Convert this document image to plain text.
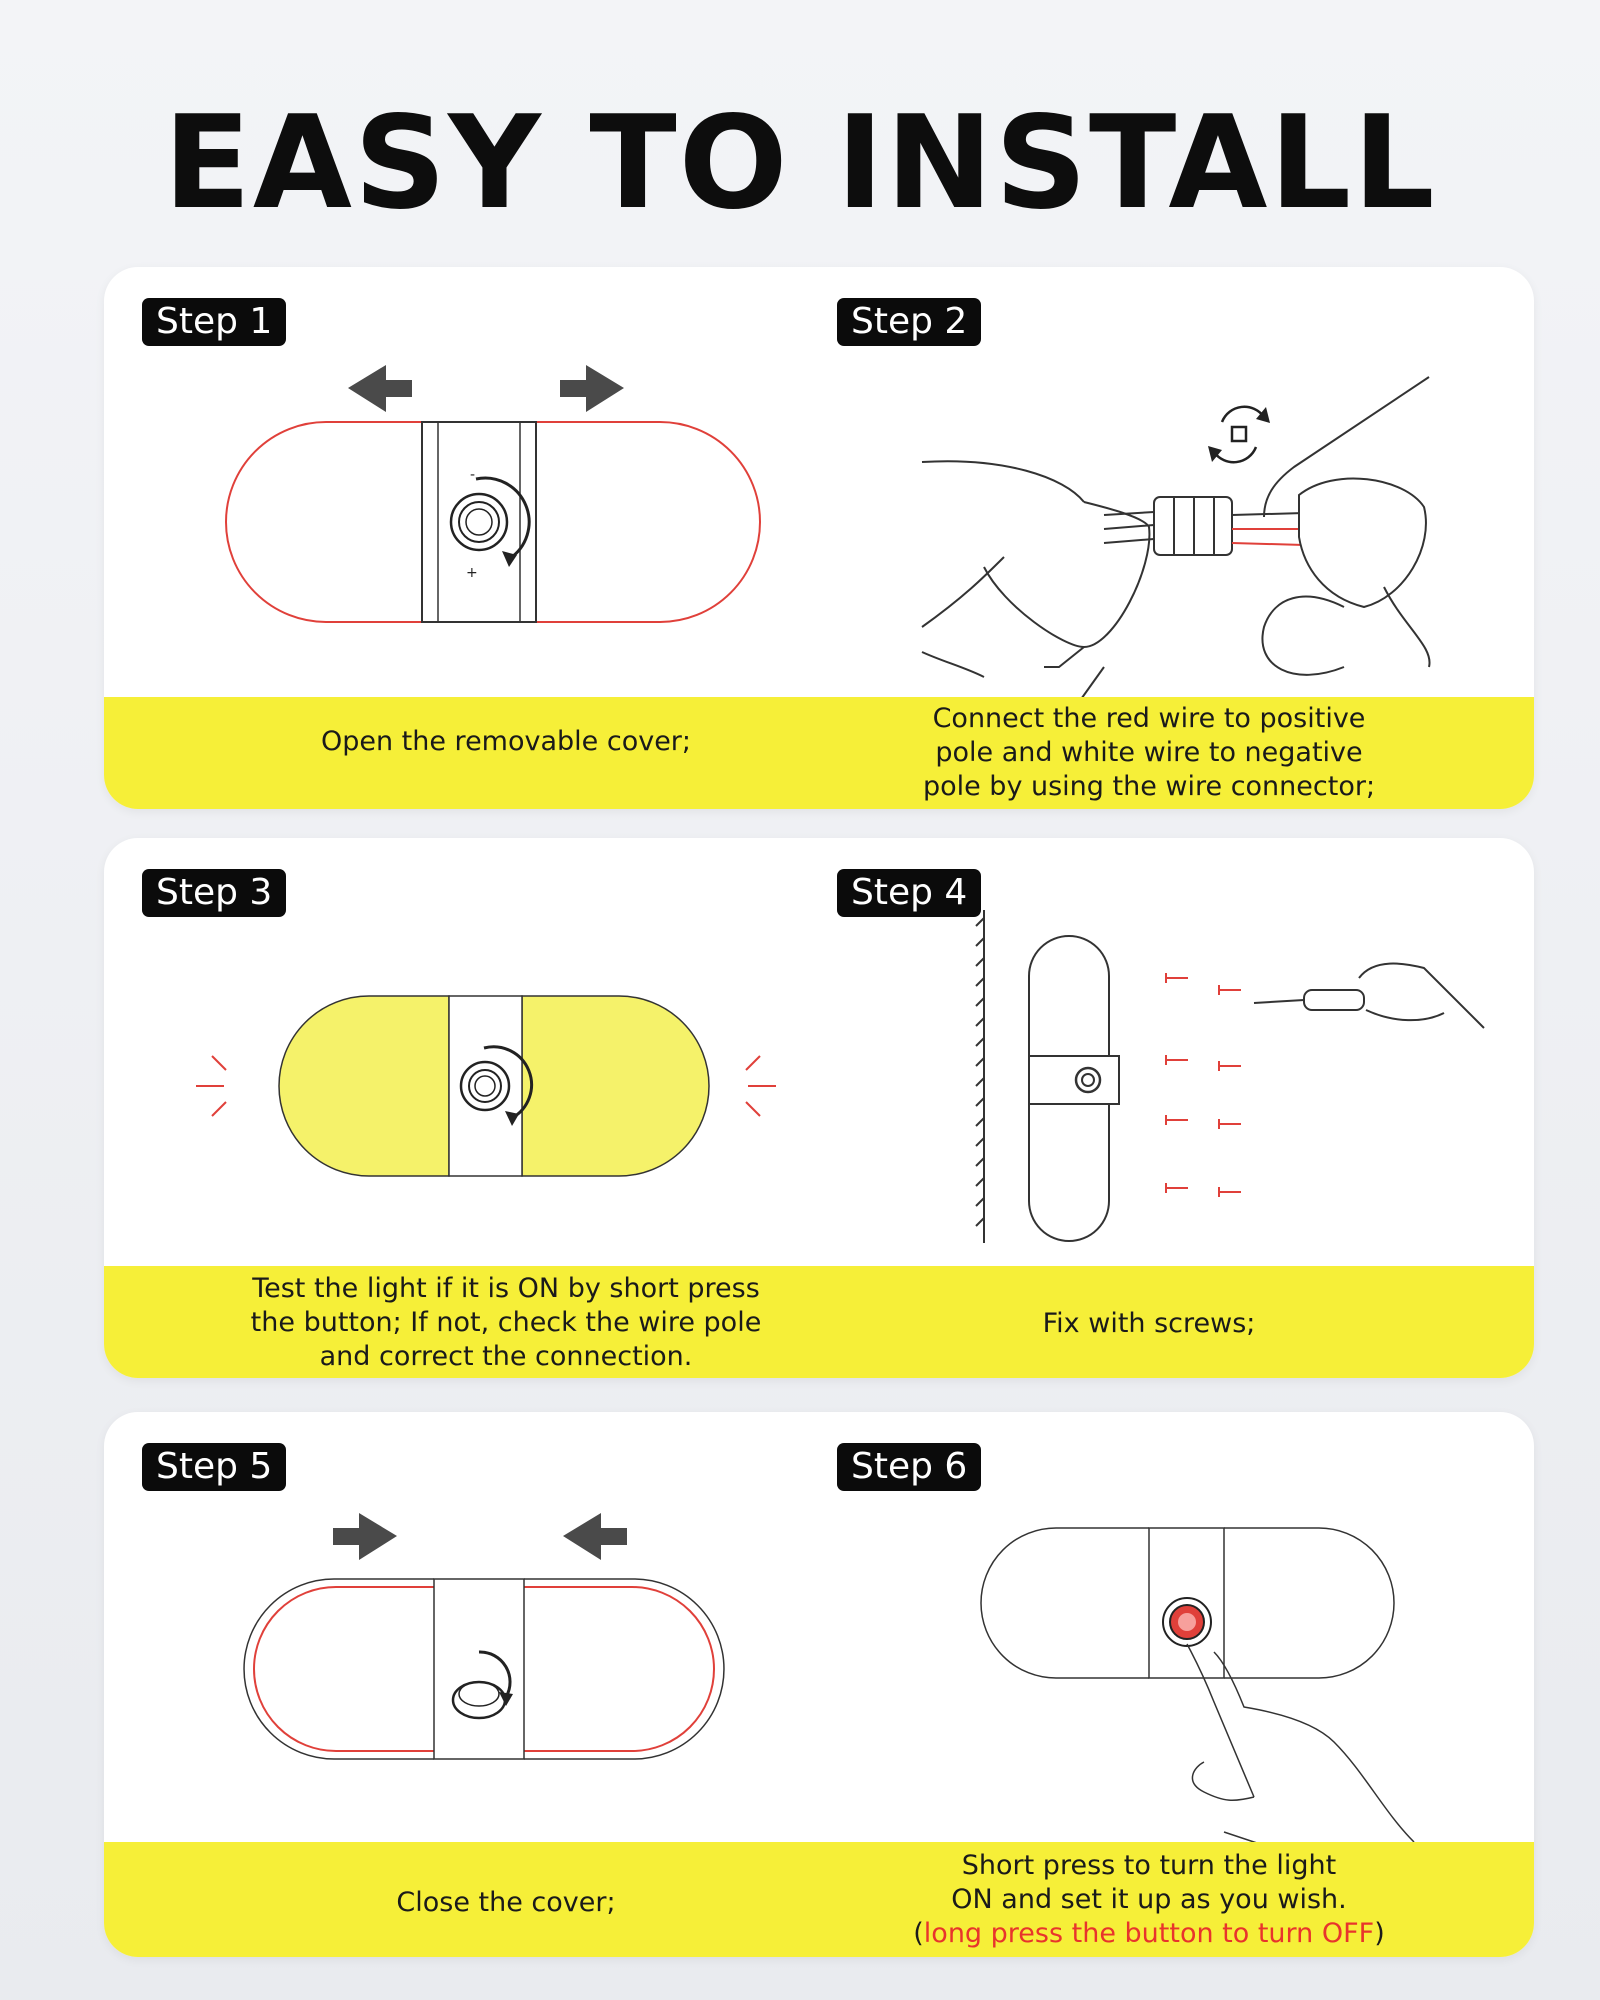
EASY TO INSTALL
-
+
Step 1	Step 2
Open the removable cover;
Connect the red wire to positive
pole and white wire to negative
pole by using the wire connector;
Step 3	Step 4
Test the light if it is ON by short press
the button; If not, check the wire pole
and correct the connection.
Fix with screws;
Step 5	Step 6
Close the cover;
Short press to turn the light
ON and set it up as you wish.
(long press the button to turn OFF)
